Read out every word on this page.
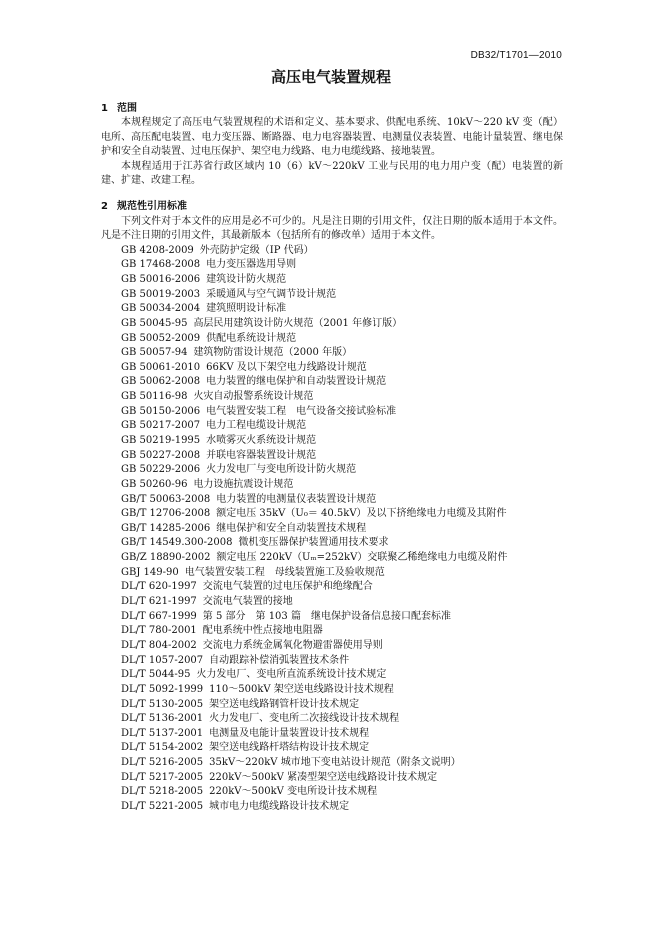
DB32/T1701—2010
高压电气装置规程
1 范围

本规程规定了高压电气装置规程的术语和定义、基本要求、供配电系统、10kV～220 kV 变（配）电所、高压配电装置、电力变压器、断路器、电力电容器装置、电测量仪表装置、电能计量装置、继电保护和安全自动装置、过电压保护、架空电力线路、电力电缆线路、接地装置。

本规程适用于江苏省行政区域内 10（6）kV～220kV 工业与民用的电力用户变（配）电装置的新建、扩建、改建工程。

2 规范性引用标准

下列文件对于本文件的应用是必不可少的。凡是注日期的引用文件，仅注日期的版本适用于本文件。凡是不注日期的引用文件，其最新版本（包括所有的修改单）适用于本文件。

GB 4208-2009 外壳防护定级（IP 代码）
GB 17468-2008 电力变压器选用导则
GB 50016-2006 建筑设计防火规范
GB 50019-2003 采暖通风与空气调节设计规范
GB 50034-2004 建筑照明设计标准
GB 50045-95 高层民用建筑设计防火规范（2001 年修订版）
GB 50052-2009 供配电系统设计规范
GB 50057-94 建筑物防雷设计规范（2000 年版）
GB 50061-2010 66KV 及以下架空电力线路设计规范
GB 50062-2008 电力装置的继电保护和自动装置设计规范
GB 50116-98 火灾自动报警系统设计规范
GB 50150-2006 电气装置安装工程　电气设备交接试验标准
GB 50217-2007 电力工程电缆设计规范
GB 50219-1995 水喷雾灭火系统设计规范
GB 50227-2008 并联电容器装置设计规范
GB 50229-2006 火力发电厂与变电所设计防火规范
GB 50260-96 电力设施抗震设计规范
GB/T 50063-2008 电力装置的电测量仪表装置设计规范
GB/T 12706-2008 额定电压 35kV（U₀＝ 40.5kV）及以下挤绝缘电力电缆及其附件
GB/T 14285-2006 继电保护和安全自动装置技术规程
GB/T 14549.300-2008 微机变压器保护装置通用技术要求
GB/Z 18890-2002 额定电压 220kV（Uₘ=252kV）交联聚乙稀绝缘电力电缆及附件
GBJ 149-90 电气装置安装工程　母线装置施工及验收规范
DL/T 620-1997 交流电气装置的过电压保护和绝缘配合
DL/T 621-1997 交流电气装置的接地
DL/T 667-1999 第 5 部分　第 103 篇　继电保护设备信息接口配套标准
DL/T 780-2001 配电系统中性点接地电阻器
DL/T 804-2002 交流电力系统金属氧化物避雷器使用导则
DL/T 1057-2007 自动跟踪补偿消弧装置技术条件
DL/T 5044-95 火力发电厂、变电所直流系统设计技术规定
DL/T 5092-1999 110～500kV 架空送电线路设计技术规程
DL/T 5130-2005 架空送电线路钢管杆设计技术规定
DL/T 5136-2001 火力发电厂、变电所二次接线设计技术规程
DL/T 5137-2001 电测量及电能计量装置设计技术规程
DL/T 5154-2002 架空送电线路杆塔结构设计技术规定
DL/T 5216-2005 35kV～220kV 城市地下变电站设计规范（附条文说明）
DL/T 5217-2005 220kV～500kV 紧凑型架空送电线路设计技术规定
DL/T 5218-2005 220kV～500kV 变电所设计技术规程
DL/T 5221-2005 城市电力电缆线路设计技术规定
